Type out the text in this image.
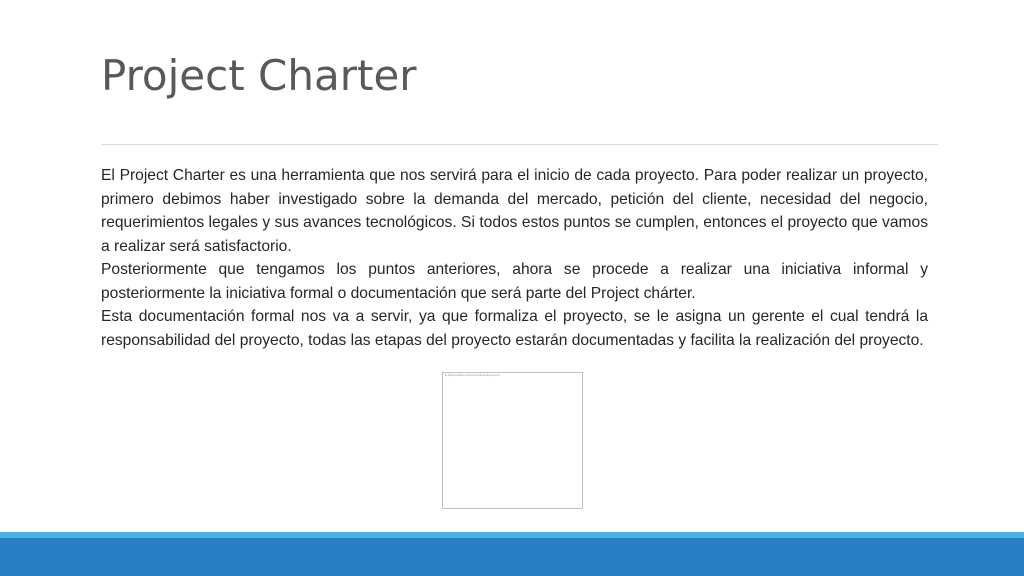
Project Charter

El Project Charter es una herramienta que nos servirá para el inicio de cada proyecto. Para poder realizar un proyecto, primero debimos haber investigado sobre la demanda del mercado, petición del cliente, necesidad del negocio, requerimientos legales y sus avances tecnológicos. Si todos estos puntos se cumplen, entonces el proyecto que vamos a realizar será satisfactorio.

Posteriormente que tengamos los puntos anteriores, ahora se procede a realizar una iniciativa informal y posteriormente la iniciativa formal o documentación que será parte del Project chárter.

Esta documentación formal nos va a servir, ya que formaliza el proyecto, se le asigna un gerente el cual tendrá la responsabilidad del proyecto, todas las etapas del proyecto estarán documentadas y facilita la realización del proyecto.

El Project Charter documento formal del proyecto
